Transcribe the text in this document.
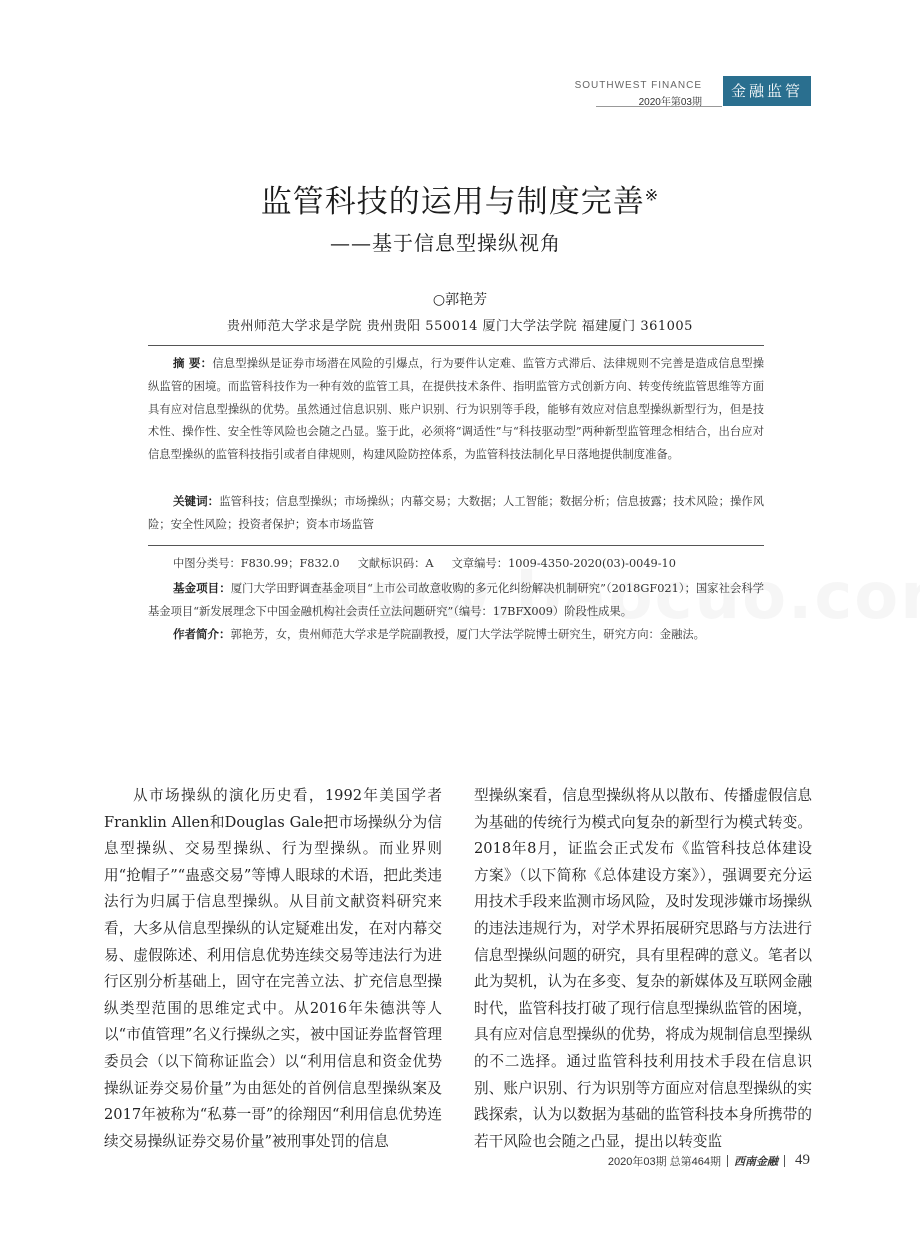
SOUTHWEST FINANCE
2020年第03期
金融监管
监管科技的运用与制度完善※
——基于信息型操纵视角
○郭艳芳
贵州师范大学求是学院 贵州贵阳 550014 厦门大学法学院 福建厦门 361005
摘 要：信息型操纵是证券市场潜在风险的引爆点，行为要件认定难、监管方式滞后、法律规则不完善是造成信息型操纵监管的困境。而监管科技作为一种有效的监管工具，在提供技术条件、指明监管方式创新方向、转变传统监管思维等方面具有应对信息型操纵的优势。虽然通过信息识别、账户识别、行为识别等手段，能够有效应对信息型操纵新型行为，但是技术性、操作性、安全性等风险也会随之凸显。鉴于此，必须将“调适性”与“科技驱动型”两种新型监管理念相结合，出台应对信息型操纵的监管科技指引或者自律规则，构建风险防控体系，为监管科技法制化早日落地提供制度准备。
关键词：监管科技；信息型操纵；市场操纵；内幕交易；大数据；人工智能；数据分析；信息披露；技术风险；操作风险；安全性风险；投资者保护；资本市场监管
中图分类号：F830.99；F832.0 文献标识码：A 文章编号：1009-4350-2020(03)-0049-10
基金项目：厦门大学田野调查基金项目“上市公司故意收购的多元化纠纷解决机制研究”（2018GF021）；国家社会科学基金项目“新发展理念下中国金融机构社会责任立法问题研究”（编号：17BFX009）阶段性成果。
作者简介：郭艳芳，女，贵州师范大学求是学院副教授，厦门大学法学院博士研究生，研究方向：金融法。
从市场操纵的演化历史看，1992年美国学者Franklin Allen和Douglas Gale把市场操纵分为信息型操纵、交易型操纵、行为型操纵。而业界则用“抢帽子”“蛊惑交易”等博人眼球的术语，把此类违法行为归属于信息型操纵。从目前文献资料研究来看，大多从信息型操纵的认定疑难出发，在对内幕交易、虚假陈述、利用信息优势连续交易等违法行为进行区别分析基础上，固守在完善立法、扩充信息型操纵类型范围的思维定式中。从2016年朱德洪等人以“市值管理”名义行操纵之实，被中国证券监督管理委员会（以下简称证监会）以“利用信息和资金优势操纵证券交易价量”为由惩处的首例信息型操纵案及2017年被称为“私募一哥”的徐翔因“利用信息优势连续交易操纵证券交易价量”被刑事处罚的信息
型操纵案看，信息型操纵将从以散布、传播虚假信息为基础的传统行为模式向复杂的新型行为模式转变。2018年8月，证监会正式发布《监管科技总体建设方案》（以下简称《总体建设方案》），强调要充分运用技术手段来监测市场风险，及时发现涉嫌市场操纵的违法违规行为，对学术界拓展研究思路与方法进行信息型操纵问题的研究，具有里程碑的意义。笔者以此为契机，认为在多变、复杂的新媒体及互联网金融时代，监管科技打破了现行信息型操纵监管的困境，具有应对信息型操纵的优势，将成为规制信息型操纵的不二选择。通过监管科技利用技术手段在信息识别、账户识别、行为识别等方面应对信息型操纵的实践探索，认为以数据为基础的监管科技本身所携带的若干风险也会随之凸显，提出以转变监
2020年03期 总第464期 西南金融 49
